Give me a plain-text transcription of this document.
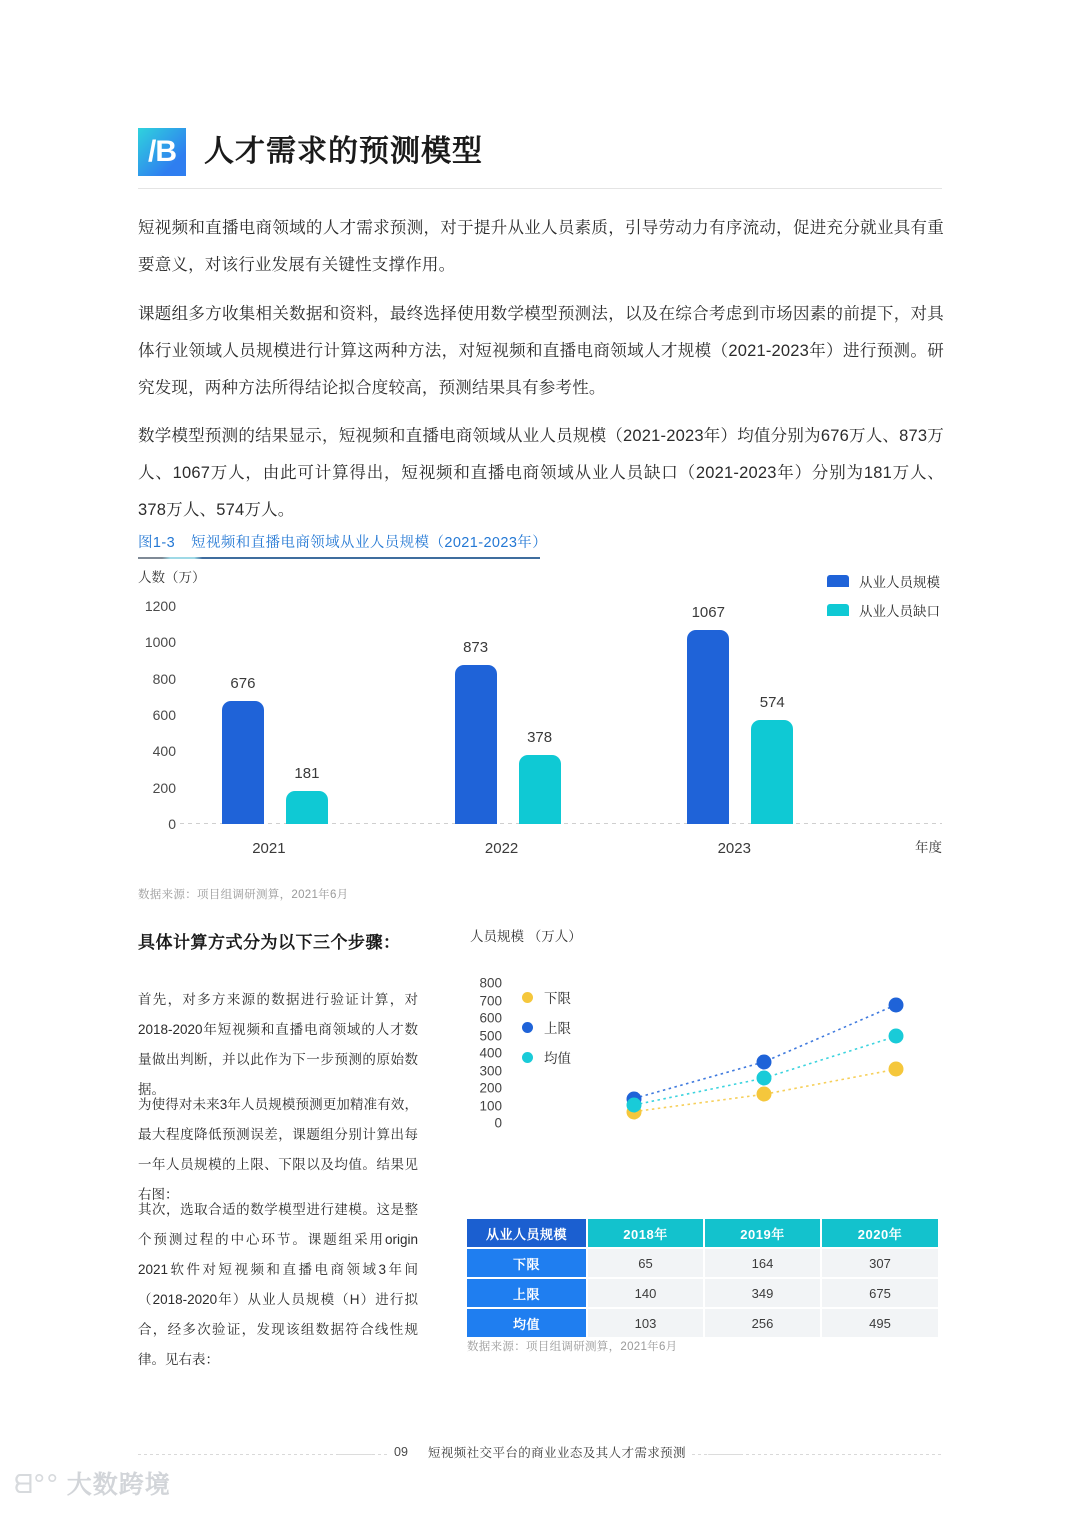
/B 人才需求的预测模型
短视频和直播电商领域的人才需求预测，对于提升从业人员素质，引导劳动力有序流动，促进充分就业具有重要意义，对该行业发展有关键性支撑作用。
课题组多方收集相关数据和资料，最终选择使用数学模型预测法，以及在综合考虑到市场因素的前提下，对具体行业领域人员规模进行计算这两种方法，对短视频和直播电商领域人才规模（2021-2023年）进行预测。研究发现，两种方法所得结论拟合度较高，预测结果具有参考性。
数学模型预测的结果显示，短视频和直播电商领域从业人员规模（2021-2023年）均值分别为676万人、873万人、1067万人，由此可计算得出，短视频和直播电商领域从业人员缺口（2021-2023年）分别为181万人、378万人、574万人。
图1-3 短视频和直播电商领域从业人员规模（2021-2023年）
人数（万）	从业人员规模
从业人员缺口
年度
0
200
400
600
800
1000
1200
676
181
2021
873
378
2022
1067
574
2023
数据来源：项目组调研测算，2021年6月
具体计算方式分为以下三个步骤：
首先，对多方来源的数据进行验证计算，对2018-2020年短视频和直播电商领域的人才数量做出判断，并以此作为下一步预测的原始数据。
为使得对未来3年人员规模预测更加精准有效，最大程度降低预测误差，课题组分别计算出每一年人员规模的上限、下限以及均值。结果见右图：
其次，选取合适的数学模型进行建模。这是整个预测过程的中心环节。课题组采用origin 2021软件对短视频和直播电商领域3年间（2018-2020年）从业人员规模（H）进行拟合，经多次验证，发现该组数据符合线性规律。见右表：
人员规模 （万人）
下限
上限
均值
800
700
600
500
400
300
200
100
0
从业人员规模	2018年	2019年	2020年
下限	65	164	307
上限	140	349	675
均值	103	256	495
数据来源：项目组调研测算，2021年6月
09 短视频社交平台的商业业态及其人才需求预测
ᗺ°° 大数跨境
